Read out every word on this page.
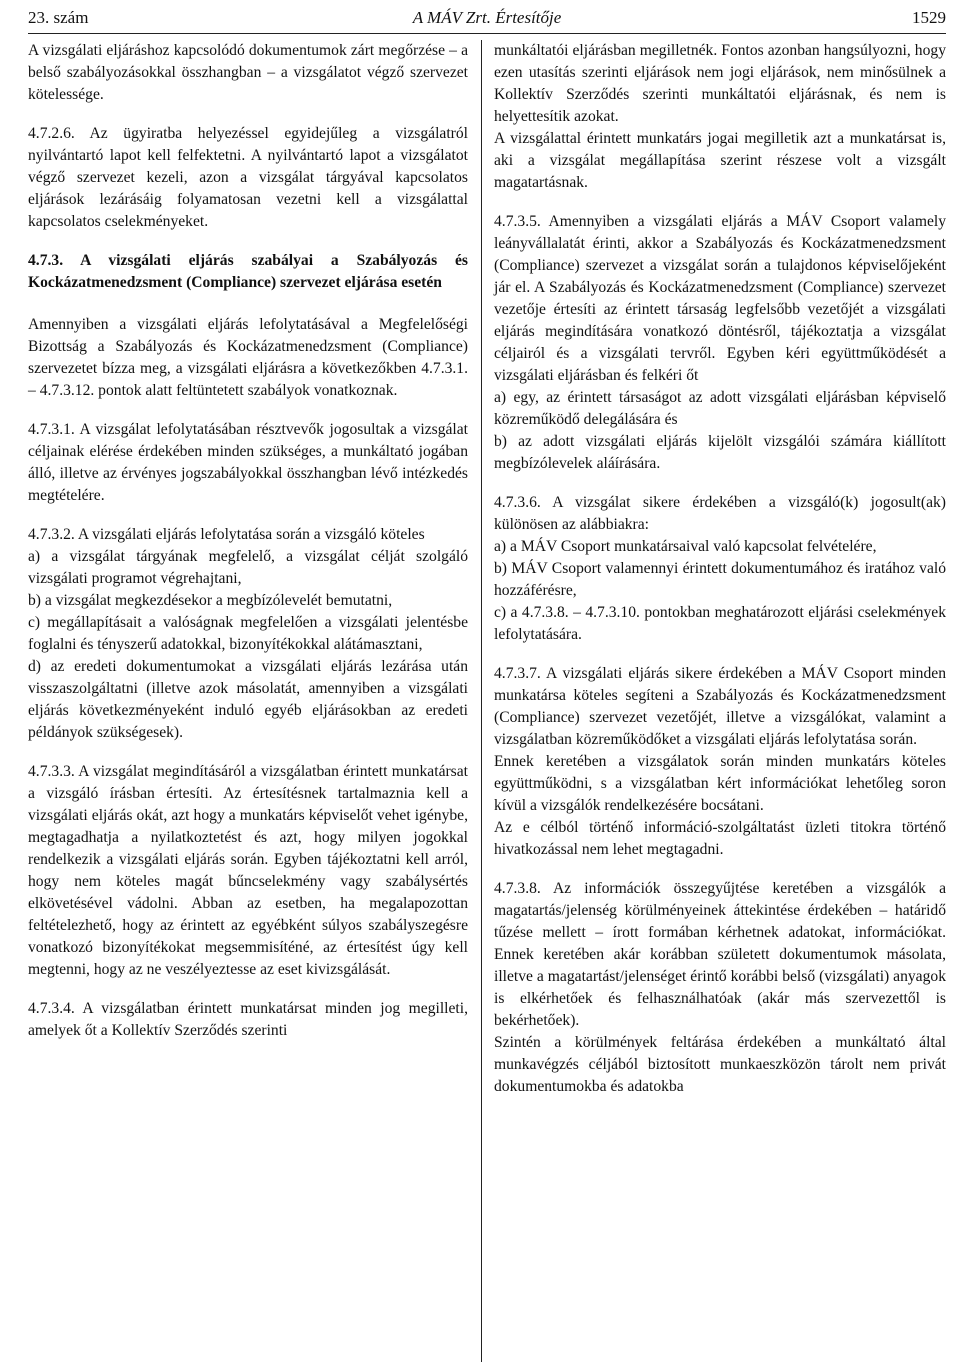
23. szám	A MÁV Zrt. Értesítője	1529

A vizsgálati eljáráshoz kapcsolódó dokumentumok zárt megőrzése – a belső szabályozásokkal összhangban – a vizsgálatot végző szervezet kötelessége.

4.7.2.6. Az ügyiratba helyezéssel egyidejűleg a vizsgálatról nyilvántartó lapot kell felfektetni. A nyilvántartó lapot a vizsgálatot végző szervezet kezeli, azon a vizsgálat tárgyával kapcsolatos eljárások lezárásáig folyamatosan vezetni kell a vizsgálattal kapcsolatos cselekményeket.

4.7.3. A vizsgálati eljárás szabályai a Szabályozás és Kockázatmenedzsment (Compliance) szervezet eljárása esetén

Amennyiben a vizsgálati eljárás lefolytatásával a Megfelelőségi Bizottság a Szabályozás és Kockázatmenedzsment (Compliance) szervezetet bízza meg, a vizsgálati eljárásra a következőkben 4.7.3.1. – 4.7.3.12. pontok alatt feltüntetett szabályok vonatkoznak.

4.7.3.1. A vizsgálat lefolytatásában résztvevők jogosultak a vizsgálat céljainak elérése érdekében minden szükséges, a munkáltató jogában álló, illetve az érvényes jogszabályokkal összhangban lévő intézkedés megtételére.

4.7.3.2. A vizsgálati eljárás lefolytatása során a vizsgáló köteles

a) a vizsgálat tárgyának megfelelő, a vizsgálat célját szolgáló vizsgálati programot végrehajtani,

b) a vizsgálat megkezdésekor a megbízólevelét bemutatni,

c) megállapításait a valóságnak megfelelően a vizsgálati jelentésbe foglalni és tényszerű adatokkal, bizonyítékokkal alátámasztani,

d) az eredeti dokumentumokat a vizsgálati eljárás lezárása után visszaszolgáltatni (illetve azok másolatát, amennyiben a vizsgálati eljárás következményeként induló egyéb eljárásokban az eredeti példányok szükségesek).

4.7.3.3. A vizsgálat megindításáról a vizsgálatban érintett munkatársat a vizsgáló írásban értesíti. Az értesítésnek tartalmaznia kell a vizsgálati eljárás okát, azt hogy a munkatárs képviselőt vehet igénybe, megtagadhatja a nyilatkoztetést és azt, hogy milyen jogokkal rendelkezik a vizsgálati eljárás során. Egyben tájékoztatni kell arról, hogy nem köteles magát bűncselekmény vagy szabálysértés elkövetésével vádolni. Abban az esetben, ha megalapozottan feltételezhető, hogy az érintett az egyébként súlyos szabályszegésre vonatkozó bizonyítékokat megsemmisíténé, az értesítést úgy kell megtenni, hogy az ne veszélyeztesse az eset kivizsgálását.

4.7.3.4. A vizsgálatban érintett munkatársat minden jog megilleti, amelyek őt a Kollektív Szerződés szerinti

munkáltatói eljárásban megilletnék. Fontos azonban hangsúlyozni, hogy ezen utasítás szerinti eljárások nem jogi eljárások, nem minősülnek a Kollektív Szerződés szerinti munkáltatói eljárásnak, és nem is helyettesítik azokat.

A vizsgálattal érintett munkatárs jogai megilletik azt a munkatársat is, aki a vizsgálat megállapítása szerint részese volt a vizsgált magatartásnak.

4.7.3.5. Amennyiben a vizsgálati eljárás a MÁV Csoport valamely leányvállalatát érinti, akkor a Szabályozás és Kockázatmenedzsment (Compliance) szervezet a vizsgálat során a tulajdonos képviselőjeként jár el. A Szabályozás és Kockázatmenedzsment (Compliance) szervezet vezetője értesíti az érintett társaság legfelsőbb vezetőjét a vizsgálati eljárás megindítására vonatkozó döntésről, tájékoztatja a vizsgálat céljairól és a vizsgálati tervről. Egyben kéri együttműködését a vizsgálati eljárásban és felkéri őt

a) egy, az érintett társaságot az adott vizsgálati eljárásban képviselő közreműködő delegálására és

b) az adott vizsgálati eljárás kijelölt vizsgálói számára kiállított megbízólevelek aláírására.

4.7.3.6. A vizsgálat sikere érdekében a vizsgáló(k) jogosult(ak) különösen az alábbiakra:

a) a MÁV Csoport munkatársaival való kapcsolat felvételére,

b) MÁV Csoport valamennyi érintett dokumentumához és iratához való hozzáférésre,

c) a 4.7.3.8. – 4.7.3.10. pontokban meghatározott eljárási cselekmények lefolytatására.

4.7.3.7. A vizsgálati eljárás sikere érdekében a MÁV Csoport minden munkatársa köteles segíteni a Szabályozás és Kockázatmenedzsment (Compliance) szervezet vezetőjét, illetve a vizsgálókat, valamint a vizsgálatban közreműködőket a vizsgálati eljárás lefolytatása során.

Ennek keretében a vizsgálatok során minden munkatárs köteles együttműködni, s a vizsgálatban kért információkat lehetőleg soron kívül a vizsgálók rendelkezésére bocsátani.

Az e célból történő információ-szolgáltatást üzleti titokra történő hivatkozással nem lehet megtagadni.

4.7.3.8. Az információk összegyűjtése keretében a vizsgálók a magatartás/jelenség körülményeinek áttekintése érdekében – határidő tűzése mellett – írott formában kérhetnek adatokat, információkat. Ennek keretében akár korábban született dokumentumok másolata, illetve a magatartást/jelenséget érintő korábbi belső (vizsgálati) anyagok is elkérhetőek és felhasználhatóak (akár más szervezettől is bekérhetőek).

Szintén a körülmények feltárása érdekében a munkáltató által munkavégzés céljából biztosított munkaeszközön tárolt nem privát dokumentumokba és adatokba
